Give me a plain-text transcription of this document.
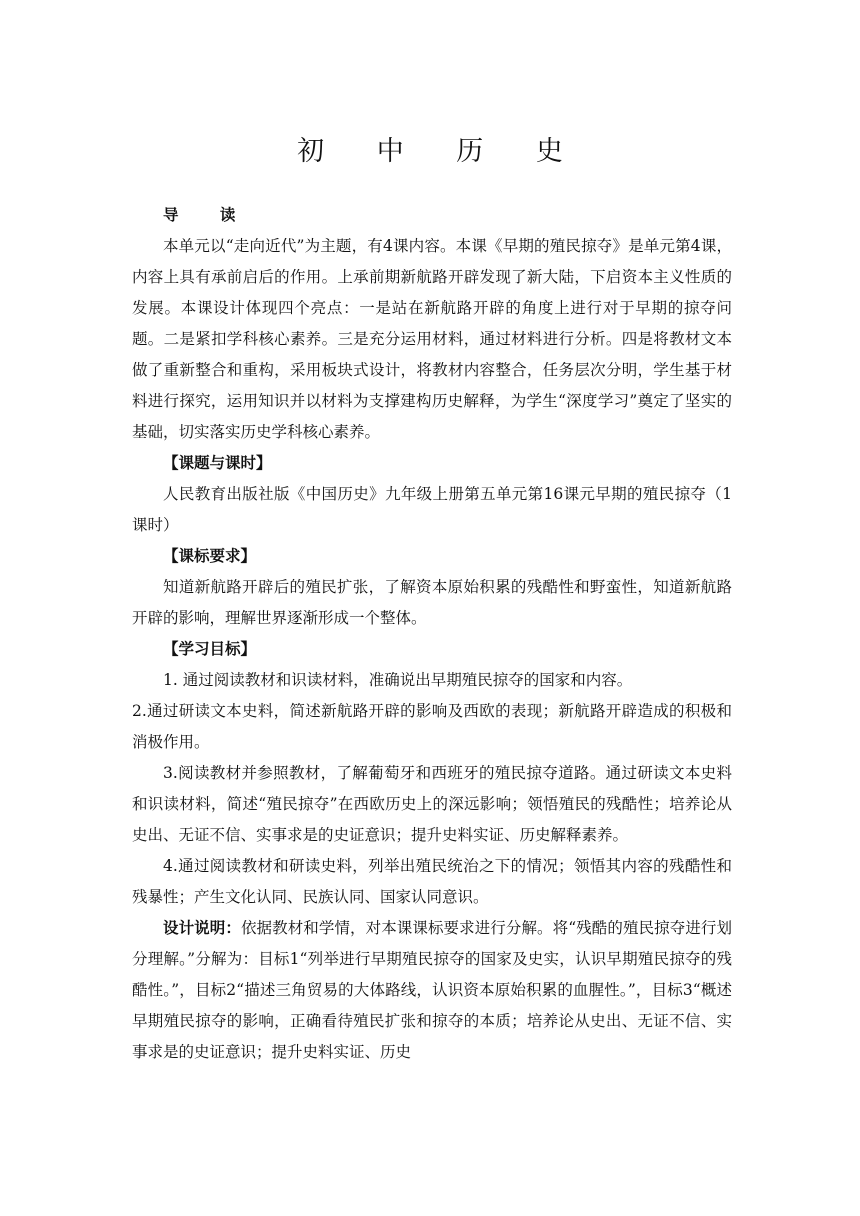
初 中 历 史

导 读

本单元以“走向近代”为主题，有4课内容。本课《早期的殖民掠夺》是单元第4课，内容上具有承前启后的作用。上承前期新航路开辟发现了新大陆，下启资本主义性质的发展。本课设计体现四个亮点：一是站在新航路开辟的角度上进行对于早期的掠夺问题。二是紧扣学科核心素养。三是充分运用材料，通过材料进行分析。四是将教材文本做了重新整合和重构，采用板块式设计，将教材内容整合，任务层次分明，学生基于材料进行探究，运用知识并以材料为支撑建构历史解释，为学生“深度学习”奠定了坚实的基础，切实落实历史学科核心素养。

【课题与课时】

人民教育出版社版《中国历史》九年级上册第五单元第16课元早期的殖民掠夺（1课时）

【课标要求】

知道新航路开辟后的殖民扩张，了解资本原始积累的残酷性和野蛮性，知道新航路开辟的影响，理解世界逐渐形成一个整体。

【学习目标】

1. 通过阅读教材和识读材料，准确说出早期殖民掠夺的国家和内容。

2.通过研读文本史料，简述新航路开辟的影响及西欧的表现；新航路开辟造成的积极和消极作用。

3.阅读教材并参照教材，了解葡萄牙和西班牙的殖民掠夺道路。通过研读文本史料和识读材料，简述“殖民掠夺”在西欧历史上的深远影响；领悟殖民的残酷性；培养论从史出、无证不信、实事求是的史证意识；提升史料实证、历史解释素养。

4.通过阅读教材和研读史料，列举出殖民统治之下的情况；领悟其内容的残酷性和残暴性；产生文化认同、民族认同、国家认同意识。

设计说明：依据教材和学情，对本课课标要求进行分解。将“残酷的殖民掠夺进行划分理解。”分解为：目标1“列举进行早期殖民掠夺的国家及史实，认识早期殖民掠夺的残酷性。”，目标2“描述三角贸易的大体路线，认识资本原始积累的血腥性。”，目标3“概述早期殖民掠夺的影响，正确看待殖民扩张和掠夺的本质；培养论从史出、无证不信、实事求是的史证意识；提升史料实证、历史
